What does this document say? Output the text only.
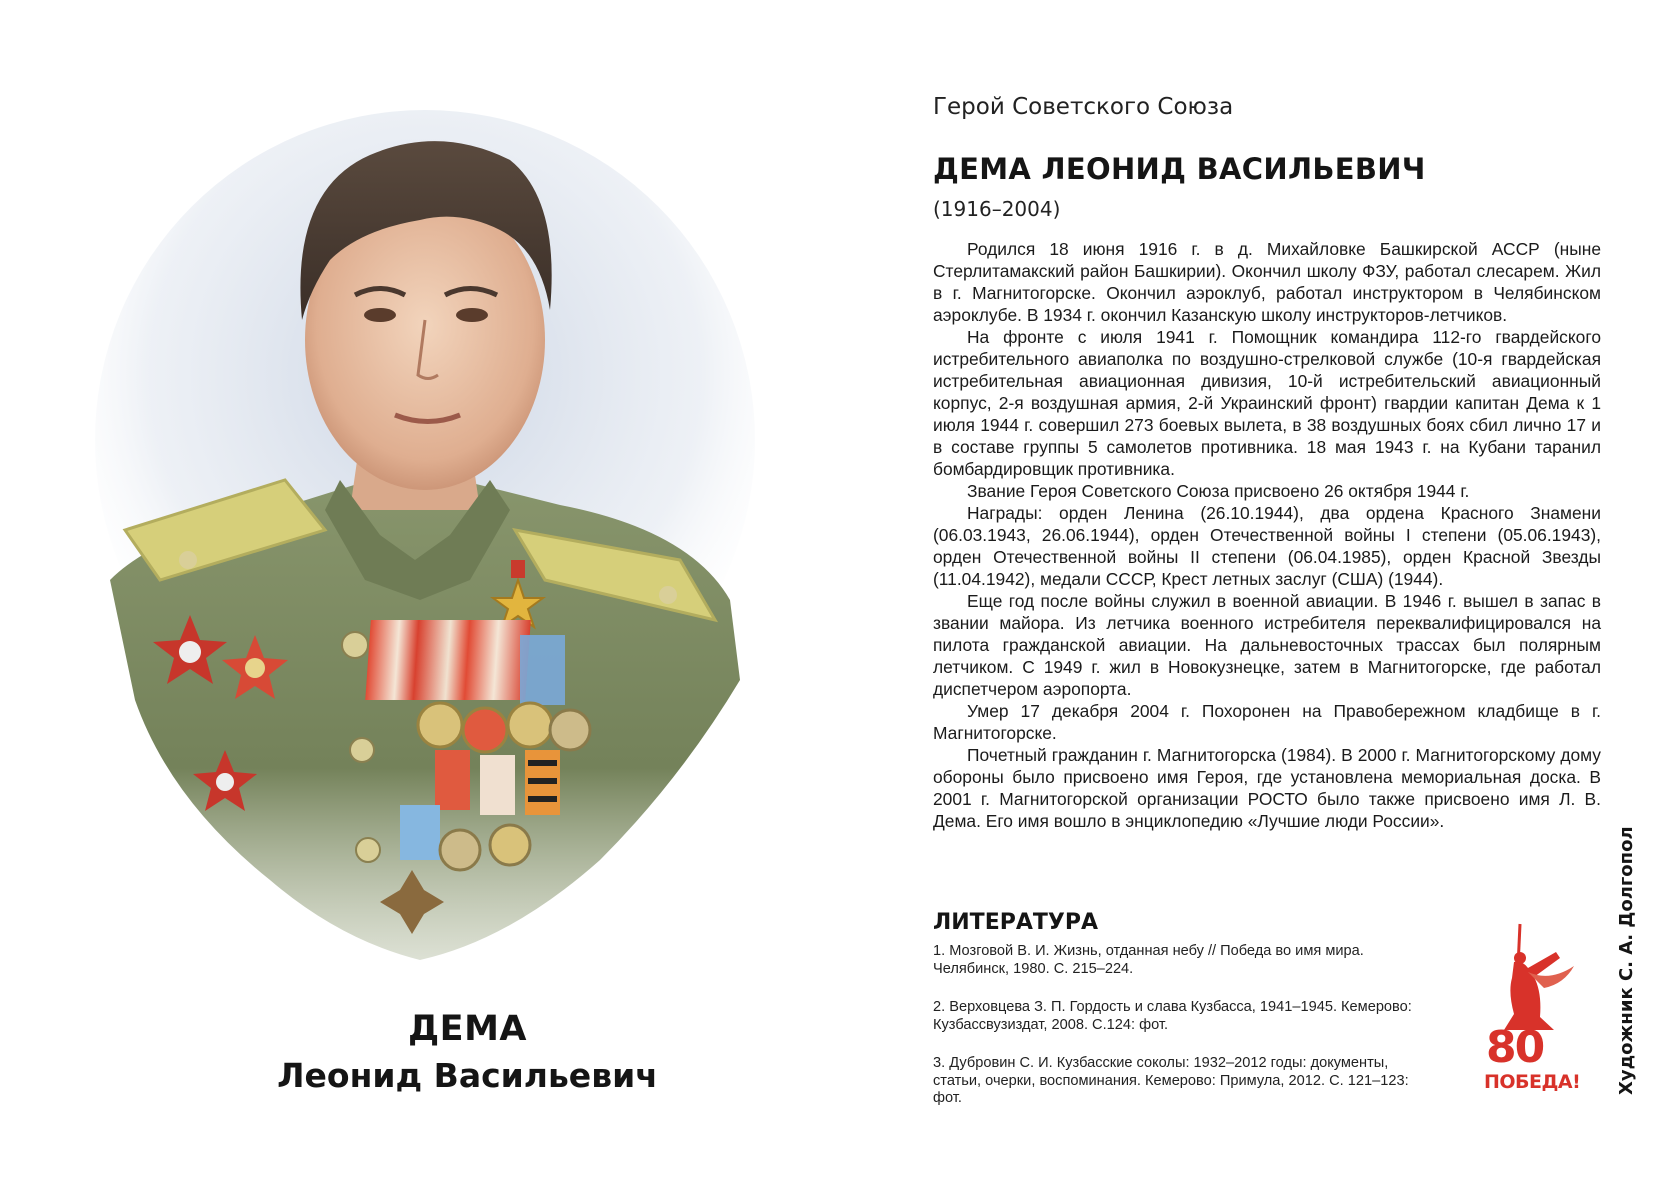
ДЕМА
Леонид Васильевич
Герой Советского Союза
ДЕМА ЛЕОНИД ВАСИЛЬЕВИЧ
(1916–2004)

Родился 18 июня 1916 г. в д. Михайловке Башкирской АССР (ныне Стерлитамакский район Башкирии). Окончил школу ФЗУ, работал слесарем. Жил в г. Магнитогорске. Окончил аэроклуб, работал инструктором в Челябинском аэроклубе. В 1934 г. окончил Казанскую школу инструкторов-летчиков.

На фронте с июля 1941 г. Помощник командира 112-го гвардейского истребительного авиаполка по воздушно-стрелковой службе (10-я гвардейская истребительная авиационная дивизия, 10-й истребительский авиационный корпус, 2-я воздушная армия, 2-й Украинский фронт) гвардии капитан Дема к 1 июля 1944 г. совершил 273 боевых вылета, в 38 воздушных боях сбил лично 17 и в составе группы 5 самолетов противника. 18 мая 1943 г. на Кубани таранил бомбардировщик противника.

Звание Героя Советского Союза присвоено 26 октября 1944 г.

Награды: орден Ленина (26.10.1944), два ордена Красного Знамени (06.03.1943, 26.06.1944), орден Отечественной войны I степени (05.06.1943), орден Отечественной войны II степени (06.04.1985), орден Красной Звезды (11.04.1942), медали СССР, Крест летных заслуг (США) (1944).

Еще год после войны служил в военной авиации. В 1946 г. вышел в запас в звании майора. Из летчика военного истребителя переквалифицировался на пилота гражданской авиации. На дальневосточных трассах был полярным летчиком. С 1949 г. жил в Новокузнецке, затем в Магнитогорске, где работал диспетчером аэропорта.

Умер 17 декабря 2004 г. Похоронен на Правобережном кладбище в г. Магнитогорске.

Почетный гражданин г. Магнитогорска (1984). В 2000 г. Магнитогорскому дому обороны было присвоено имя Героя, где установлена мемориальная доска. В 2001 г. Магнитогорской организации РОСТО было также присвоено имя Л. В. Дема. Его имя вошло в энциклопедию «Лучшие люди России».

ЛИТЕРАТУРА
1. Мозговой В. И. Жизнь, отданная небу // Победа во имя мира. Челябинск, 1980. С. 215–224.
2. Верховцева З. П. Гордость и слава Кузбасса, 1941–1945. Кемерово: Кузбассвузиздат, 2008. С.124: фот.
3. Дубровин С. И. Кузбасские соколы: 1932–2012 годы: документы, статьи, очерки, воспоминания. Кемерово: Примула, 2012. С. 121–123: фот.
80
ПОБЕДА! Художник С. А. Долгопол
